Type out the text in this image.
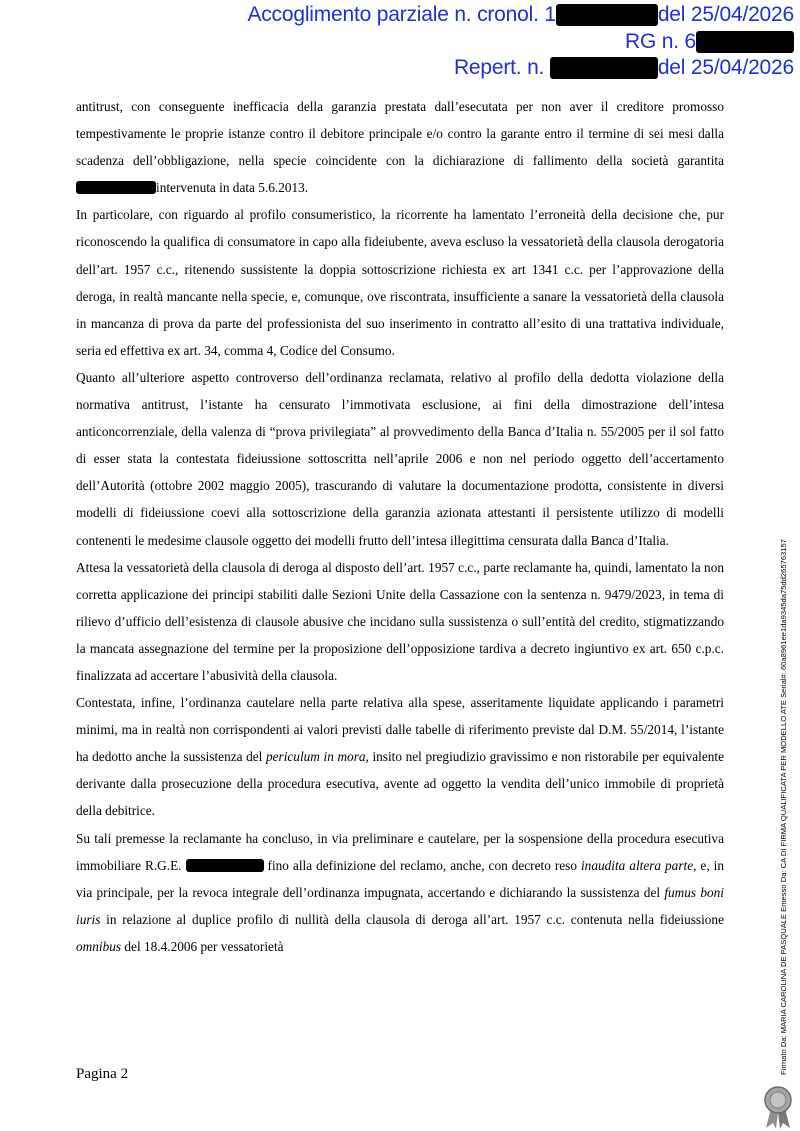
Accoglimento parziale n. cronol. 1	del 25/04/2026
RG n. 6
Repert. n.	del 25/04/2026

antitrust, con conseguente inefficacia della garanzia prestata dall’esecutata per non aver il creditore promosso tempestivamente le proprie istanze contro il debitore principale e/o contro la garante entro il termine di sei mesi dalla scadenza dell’obbligazione, nella specie coincidente con la dichiarazione di fallimento della società garantita intervenuta in data 5.6.2013.

In particolare, con riguardo al profilo consumeristico, la ricorrente ha lamentato l’erroneità della decisione che, pur riconoscendo la qualifica di consumatore in capo alla fideiubente, aveva escluso la vessatorietà della clausola derogatoria dell’art. 1957 c.c., ritenendo sussistente la doppia sottoscrizione richiesta ex art 1341 c.c. per l’approvazione della deroga, in realtà mancante nella specie, e, comunque, ove riscontrata, insufficiente a sanare la vessatorietà della clausola in mancanza di prova da parte del professionista del suo inserimento in contratto all’esito di una trattativa individuale, seria ed effettiva ex art. 34, comma 4, Codice del Consumo.

Quanto all’ulteriore aspetto controverso dell’ordinanza reclamata, relativo al profilo della dedotta violazione della normativa antitrust, l’istante ha censurato l’immotivata esclusione, ai fini della dimostrazione dell’intesa anticoncorrenziale, della valenza di “prova privilegiata” al provvedimento della Banca d’Italia n. 55/2005 per il sol fatto di esser stata la contestata fideiussione sottoscritta nell’aprile 2006 e non nel periodo oggetto dell’accertamento dell’Autorità (ottobre 2002 maggio 2005), trascurando di valutare la documentazione prodotta, consistente in diversi modelli di fideiussione coevi alla sottoscrizione della garanzia azionata attestanti il persistente utilizzo di modelli contenenti le medesime clausole oggetto dei modelli frutto dell’intesa illegittima censurata dalla Banca d’Italia.

Attesa la vessatorietà della clausola di deroga al disposto dell’art. 1957 c.c., parte reclamante ha, quindi, lamentato la non corretta applicazione dei principi stabiliti dalle Sezioni Unite della Cassazione con la sentenza n. 9479/2023, in tema di rilievo d’ufficio dell’esistenza di clausole abusive che incidano sulla sussistenza o sull’entità del credito, stigmatizzando la mancata assegnazione del termine per la proposizione dell’opposizione tardiva a decreto ingiuntivo ex art. 650 c.p.c. finalizzata ad accertare l’abusività della clausola.

Contestata, infine, l’ordinanza cautelare nella parte relativa alla spese, asseritamente liquidate applicando i parametri minimi, ma in realtà non corrispondenti ai valori previsti dalle tabelle di riferimento previste dal D.M. 55/2014, l’istante ha dedotto anche la sussistenza del periculum in mora, insito nel pregiudizio gravissimo e non ristorabile per equivalente derivante dalla prosecuzione della procedura esecutiva, avente ad oggetto la vendita dell’unico immobile di proprietà della debitrice.

Su tali premesse la reclamante ha concluso, in via preliminare e cautelare, per la sospensione della procedura esecutiva immobiliare R.G.E.	fino alla definizione del reclamo, anche, con decreto reso inaudita altera parte, e, in via principale, per la revoca integrale dell’ordinanza impugnata, accertando e dichiarando la sussistenza del fumus boni iuris in relazione al duplice profilo di nullità della clausola di deroga all’art. 1957 c.c. contenuta nella fideiussione omnibus del 18.4.2006 per vessatorietà

Pagina 2	Firmato Da: MARIA CAROLINA DE PASQUALE Emesso Da: CA DI FIRMA QUALIFICATA PER MODELLO ATE Serial#: 60a8961ee1da9345da75dd265763157
